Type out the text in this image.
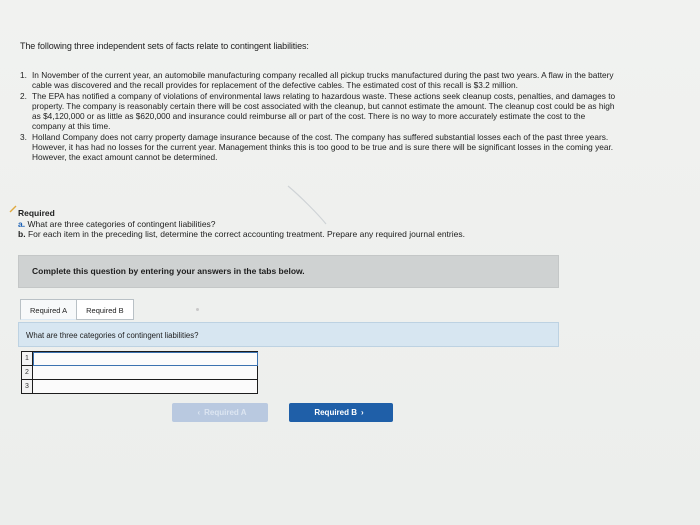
The following three independent sets of facts relate to contingent liabilities:
1. In November of the current year, an automobile manufacturing company recalled all pickup trucks manufactured during the past two years. A flaw in the battery cable was discovered and the recall provides for replacement of the defective cables. The estimated cost of this recall is $3.2 million.
2. The EPA has notified a company of violations of environmental laws relating to hazardous waste. These actions seek cleanup costs, penalties, and damages to property. The company is reasonably certain there will be cost associated with the cleanup, but cannot estimate the amount. The cleanup cost could be as high as $4,120,000 or as little as $620,000 and insurance could reimburse all or part of the cost. There is no way to more accurately estimate the cost to the company at this time.
3. Holland Company does not carry property damage insurance because of the cost. The company has suffered substantial losses each of the past three years. However, it has had no losses for the current year. Management thinks this is too good to be true and is sure there will be significant losses in the coming year. However, the exact amount cannot be determined.
Required
a. What are three categories of contingent liabilities?
b. For each item in the preceding list, determine the correct accounting treatment. Prepare any required journal entries.
Complete this question by entering your answers in the tabs below.
Required A	Required B
What are three categories of contingent liabilities?
1	
2	
3	
‹ Required A	Required B ›
